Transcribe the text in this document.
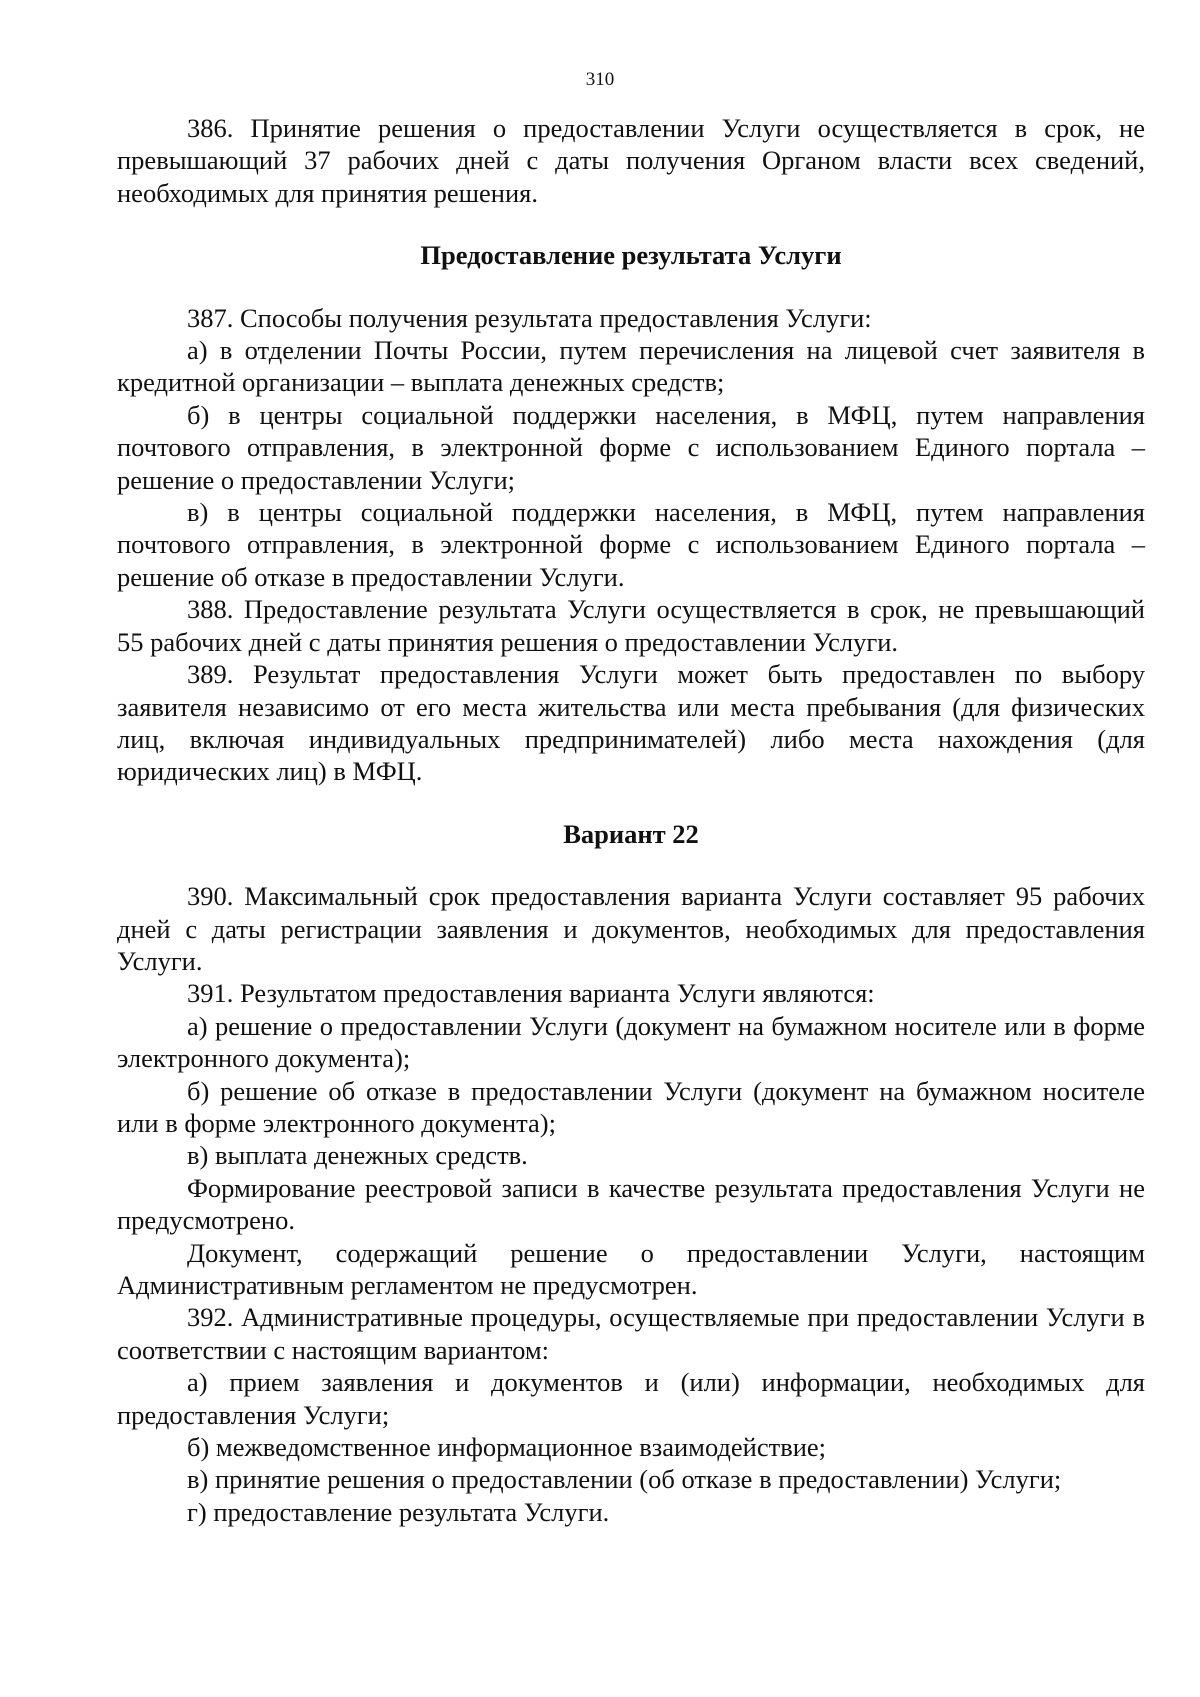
310

386. Принятие решения о предоставлении Услуги осуществляется в срок, не превышающий 37 рабочих дней с даты получения Органом власти всех сведений, необходимых для принятия решения.

Предоставление результата Услуги

387. Способы получения результата предоставления Услуги:

а) в отделении Почты России, путем перечисления на лицевой счет заявителя в кредитной организации – выплата денежных средств;

б) в центры социальной поддержки населения, в МФЦ, путем направления почтового отправления, в электронной форме с использованием Единого портала – решение о предоставлении Услуги;

в) в центры социальной поддержки населения, в МФЦ, путем направления почтового отправления, в электронной форме с использованием Единого портала – решение об отказе в предоставлении Услуги.

388. Предоставление результата Услуги осуществляется в срок, не превышающий 55 рабочих дней с даты принятия решения о предоставлении Услуги.

389. Результат предоставления Услуги может быть предоставлен по выбору заявителя независимо от его места жительства или места пребывания (для физических лиц, включая индивидуальных предпринимателей) либо места нахождения (для юридических лиц) в МФЦ.

Вариант 22

390. Максимальный срок предоставления варианта Услуги составляет 95 рабочих дней с даты регистрации заявления и документов, необходимых для предоставления Услуги.

391. Результатом предоставления варианта Услуги являются:

а) решение о предоставлении Услуги (документ на бумажном носителе или в форме электронного документа);

б) решение об отказе в предоставлении Услуги (документ на бумажном носителе или в форме электронного документа);

в) выплата денежных средств.

Формирование реестровой записи в качестве результата предоставления Услуги не предусмотрено.

Документ, содержащий решение о предоставлении Услуги, настоящим Административным регламентом не предусмотрен.

392. Административные процедуры, осуществляемые при предоставлении Услуги в соответствии с настоящим вариантом:

а) прием заявления и документов и (или) информации, необходимых для предоставления Услуги;

б) межведомственное информационное взаимодействие;

в) принятие решения о предоставлении (об отказе в предоставлении) Услуги;

г) предоставление результата Услуги.
